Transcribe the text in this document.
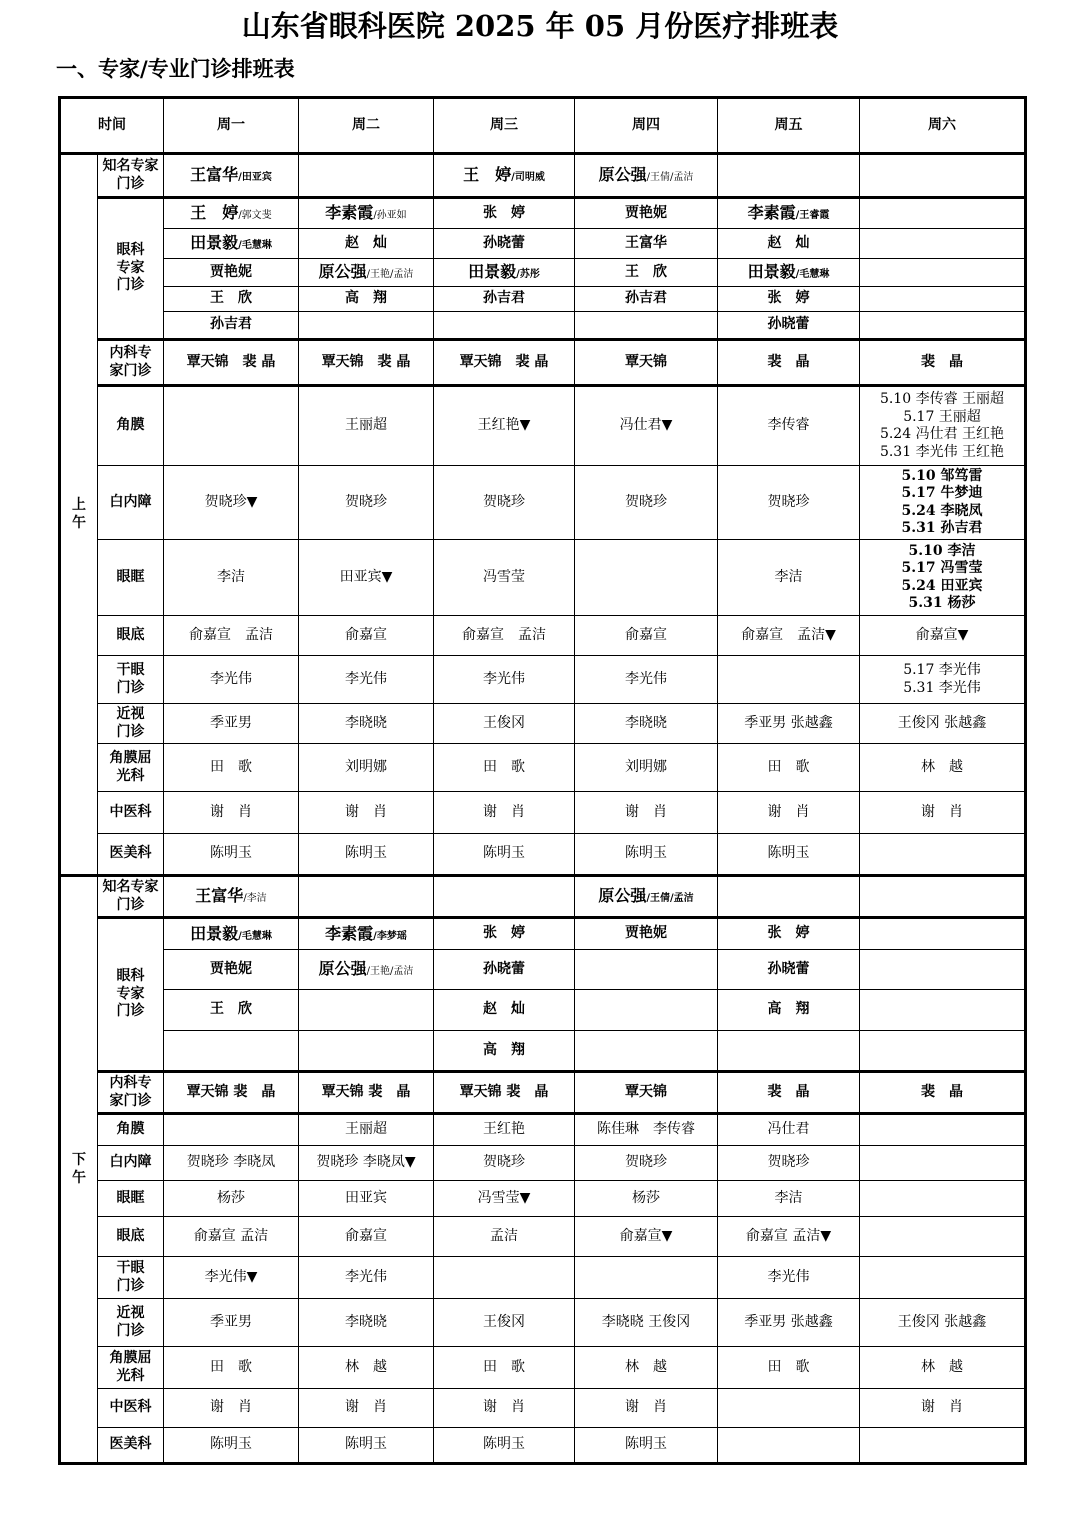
山东省眼科医院 2025 年 05 月份医疗排班表
一、专家/专业门诊排班表
时间		周一	周二	周三	周四	周五	周六
上午	知名专家门诊	王富华/田亚宾		王　婷/司明威	原公强/王倩/孟洁		
	眼科专家门诊	王　婷/郭文斐	李素霞/孙亚如	张　婷	贾艳妮	李素霞/王睿霞	
		田景毅/毛慧琳	赵　灿	孙晓蕾	王富华	赵　灿	
		贾艳妮	原公强/王艳/孟洁	田景毅/苏彤	王　欣	田景毅/毛慧琳	
		王　欣	高　翔	孙吉君	孙吉君	张　婷	
		孙吉君				孙晓蕾	
	内科专家门诊	覃天锦　裴 晶	覃天锦　裴 晶	覃天锦　裴 晶	覃天锦	裴　晶	裴　晶
	角膜		王丽超	王红艳▼	冯仕君▼	李传睿	5.10 李传睿 王丽超
5.17 王丽超
5.24 冯仕君 王红艳
5.31 李光伟 王红艳

	白内障	贺晓珍▼	贺晓珍	贺晓珍	贺晓珍	贺晓珍	5.10 邹笃雷
5.17 牛梦迪
5.24 李晓凤
5.31 孙吉君

	眼眶	李洁	田亚宾▼	冯雪莹		李洁	5.10 李洁
5.17 冯雪莹
5.24 田亚宾
5.31 杨莎

	眼底	俞嘉宣　孟洁	俞嘉宣	俞嘉宣　孟洁	俞嘉宣	俞嘉宣　孟洁▼	俞嘉宣▼
	干眼门诊	李光伟	李光伟	李光伟	李光伟		5.17 李光伟
5.31 李光伟

	近视门诊	季亚男	李晓晓	王俊冈	李晓晓	季亚男 张越鑫	王俊冈 张越鑫
	角膜屈光科	田　歌	刘明娜	田　歌	刘明娜	田　歌	林　越
	中医科	谢　肖	谢　肖	谢　肖	谢　肖	谢　肖	谢　肖
	医美科	陈明玉	陈明玉	陈明玉	陈明玉	陈明玉	
下午	知名专家门诊	王富华/李洁			原公强/王倩/孟洁		
	眼科专家门诊	田景毅/毛慧琳	李素霞/李梦瑶	张　婷	贾艳妮	张　婷	
		贾艳妮	原公强/王艳/孟洁	孙晓蕾		孙晓蕾	
		王　欣		赵　灿		高　翔	
				高　翔			
	内科专家门诊	覃天锦 裴　晶	覃天锦 裴　晶	覃天锦 裴　晶	覃天锦	裴　晶	裴　晶
	角膜		王丽超	王红艳	陈佳琳　李传睿	冯仕君	
	白内障	贺晓珍 李晓凤	贺晓珍 李晓凤▼	贺晓珍	贺晓珍	贺晓珍	
	眼眶	杨莎	田亚宾	冯雪莹▼	杨莎	李洁	
	眼底	俞嘉宣 孟洁	俞嘉宣	孟洁	俞嘉宣▼	俞嘉宣 孟洁▼	
	干眼门诊	李光伟▼	李光伟			李光伟	
	近视门诊	季亚男	李晓晓	王俊冈	李晓晓 王俊冈	季亚男 张越鑫	王俊冈 张越鑫
	角膜屈光科	田　歌	林　越	田　歌	林　越	田　歌	林　越
	中医科	谢　肖	谢　肖	谢　肖	谢　肖		谢　肖
	医美科	陈明玉	陈明玉	陈明玉	陈明玉		
